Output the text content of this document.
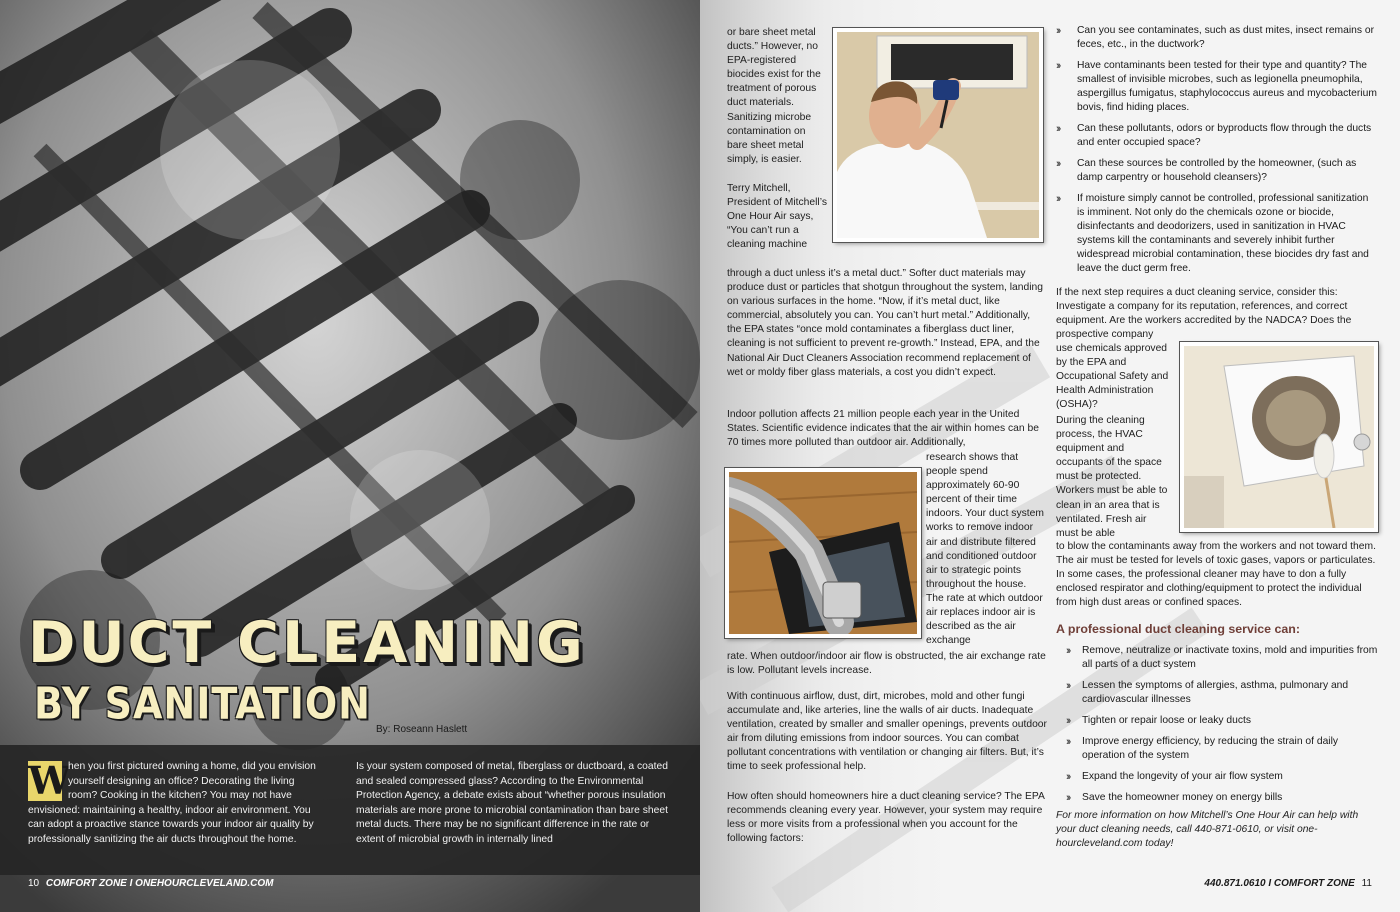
DUCT CLEANING
BY SANITATION
By: Roseann Haslett
W
hen you first pictured owning a home, did you envision yourself designing an office? Decorating the living room? Cooking in the kitchen? You may not have envisioned: maintaining a healthy, indoor air environment. You can adopt a proactive stance towards your indoor air quality by professionally sanitizing the air ducts throughout the home.
Is your system composed of metal, fiberglass or ductboard, a coated and sealed compressed glass? According to the Environmental Protection Agency, a debate exists about “whether porous insulation materials are more prone to microbial contamination than bare sheet metal ducts. There may be no significant difference in the rate or extent of microbial growth in internally lined
10 COMFORT ZONE I ONEHOURCLEVELAND.COM
or bare sheet metal ducts.” However, no EPA-registered biocides exist for the treatment of porous duct materials. Sanitizing microbe contamination on bare sheet metal simply, is easier.
Terry Mitchell, President of Mitchell’s One Hour Air says, “You can’t run a cleaning machine
through a duct unless it’s a metal duct.” Softer duct materials may produce dust or particles that shotgun throughout the system, landing on various surfaces in the home. “Now, if it’s metal duct, like commercial, absolutely you can. You can’t hurt metal.” Additionally, the EPA states “once mold contaminates a fiberglass duct liner, cleaning is not sufficient to prevent re-growth.” Instead, EPA, and the National Air Duct Cleaners Association recommend replacement of wet or moldy fiber glass materials, a cost you didn’t expect.
Indoor pollution affects 21 million people each year in the United States. Scientific evidence indicates that the air within homes can be 70 times more polluted than outdoor air. Additionally,
research shows that people spend approximately 60-90 percent of their time indoors. Your duct system works to remove indoor air and distribute filtered and conditioned outdoor air to strategic points throughout the house. The rate at which outdoor air replaces indoor air is described as the air exchange
rate. When outdoor/indoor air flow is obstructed, the air exchange rate is low. Pollutant levels increase.
With continuous airflow, dust, dirt, microbes, mold and other fungi accumulate and, like arteries, line the walls of air ducts. Inadequate ventilation, created by smaller and smaller openings, prevents outdoor air from diluting emissions from indoor sources. You can combat pollutant concentrations with ventilation or changing air filters. But, it’s time to seek professional help.
How often should homeowners hire a duct cleaning service? The EPA recommends cleaning every year. However, your system may require less or more visits from a professional when you account for the following factors:
›› Can you see contaminates, such as dust mites, insect remains or feces, etc., in the ductwork?
›› Have contaminants been tested for their type and quantity? The smallest of invisible microbes, such as legionella pneumophila, aspergillus fumigatus, staphylococcus aureus and mycobacterium bovis, find hiding places.
›› Can these pollutants, odors or byproducts flow through the ducts and enter occupied space?
›› Can these sources be controlled by the homeowner, (such as damp carpentry or household cleansers)?
›› If moisture simply cannot be controlled, professional sanitization is imminent. Not only do the chemicals ozone or biocide, disinfectants and deodorizers, used in sanitization in HVAC systems kill the contaminants and severely inhibit further widespread microbial contamination, these biocides dry fast and leave the duct germ free.
If the next step requires a duct cleaning service, consider this: Investigate a company for its reputation, references, and correct equipment. Are the workers accredited by the NADCA? Does the prospective company
use chemicals approved by the EPA and Occupational Safety and Health Administration (OSHA)?
During the cleaning process, the HVAC equipment and occupants of the space must be protected. Workers must be able to clean in an area that is ventilated. Fresh air must be able
to blow the contaminants away from the workers and not toward them. The air must be tested for levels of toxic gases, vapors or particulates. In some cases, the professional cleaner may have to don a fully enclosed respirator and clothing/equipment to protect the individual from high dust areas or confined spaces.
A professional duct cleaning service can:
›› Remove, neutralize or inactivate toxins, mold and impurities from all parts of a duct system
›› Lessen the symptoms of allergies, asthma, pulmonary and cardiovascular illnesses
›› Tighten or repair loose or leaky ducts
›› Improve energy efficiency, by reducing the strain of daily operation of the system
›› Expand the longevity of your air flow system
›› Save the homeowner money on energy bills
For more information on how Mitchell’s One Hour Air can help with your duct cleaning needs, call 440-871-0610, or visit one-hourcleveland.com today!
440.871.0610 I COMFORT ZONE 11
